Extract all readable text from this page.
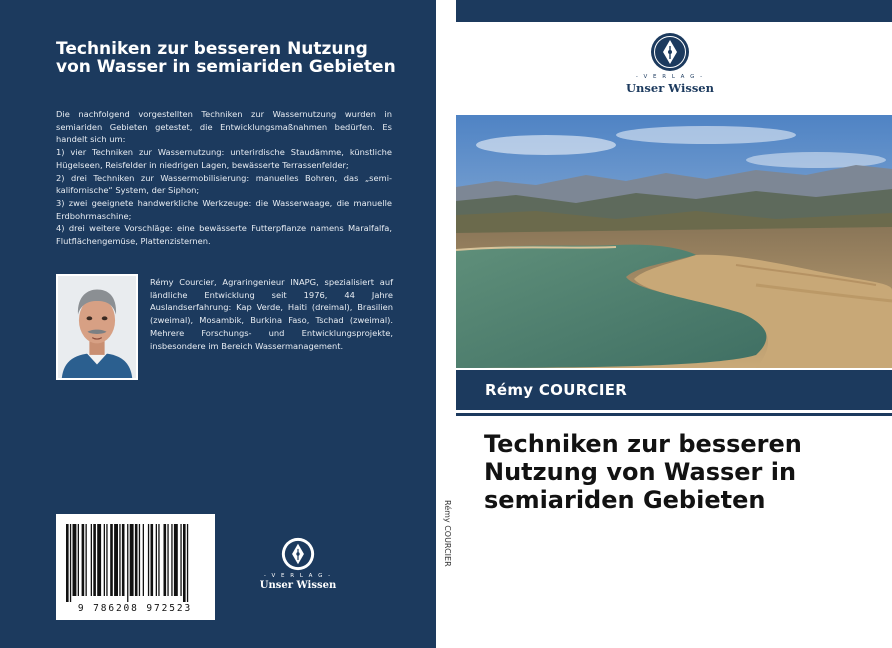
Techniken zur besseren Nutzung von Wasser in semiariden Gebieten

Die nachfolgend vorgestellten Techniken zur Wassernutzung wurden in semiariden Gebieten getestet, die Entwicklungsmaßnahmen bedürfen. Es handelt sich um:

1) vier Techniken zur Wassernutzung: unterirdische Staudämme, künstliche Hügelseen, Reisfelder in niedrigen Lagen, bewässerte Terrassenfelder;

2) drei Techniken zur Wassermobilisierung: manuelles Bohren, das „semi-kalifornische“ System, der Siphon;

3) zwei geeignete handwerkliche Werkzeuge: die Wasserwaage, die manuelle Erdbohrmaschine;

4) drei weitere Vorschläge: eine bewässerte Futterpflanze namens Maralfalfa, Flutflächengemüse, Plattenzisternen.

Rémy Courcier, Agraringenieur INAPG, spezialisiert auf ländliche Entwicklung seit 1976, 44 Jahre Auslandserfahrung: Kap Verde, Haiti (dreimal), Brasilien (zweimal), Mosambik, Burkina Faso, Tschad (zweimal). Mehrere Forschungs- und Entwicklungsprojekte, insbesondere im Bereich Wassermanagement.
9 786208 972523
- V E R L A G -
Unser Wissen
Rémy COURCIER
- V E R L A G -
Unser Wissen
Rémy COURCIER
Techniken zur besseren Nutzung von Wasser in semiariden Gebieten
